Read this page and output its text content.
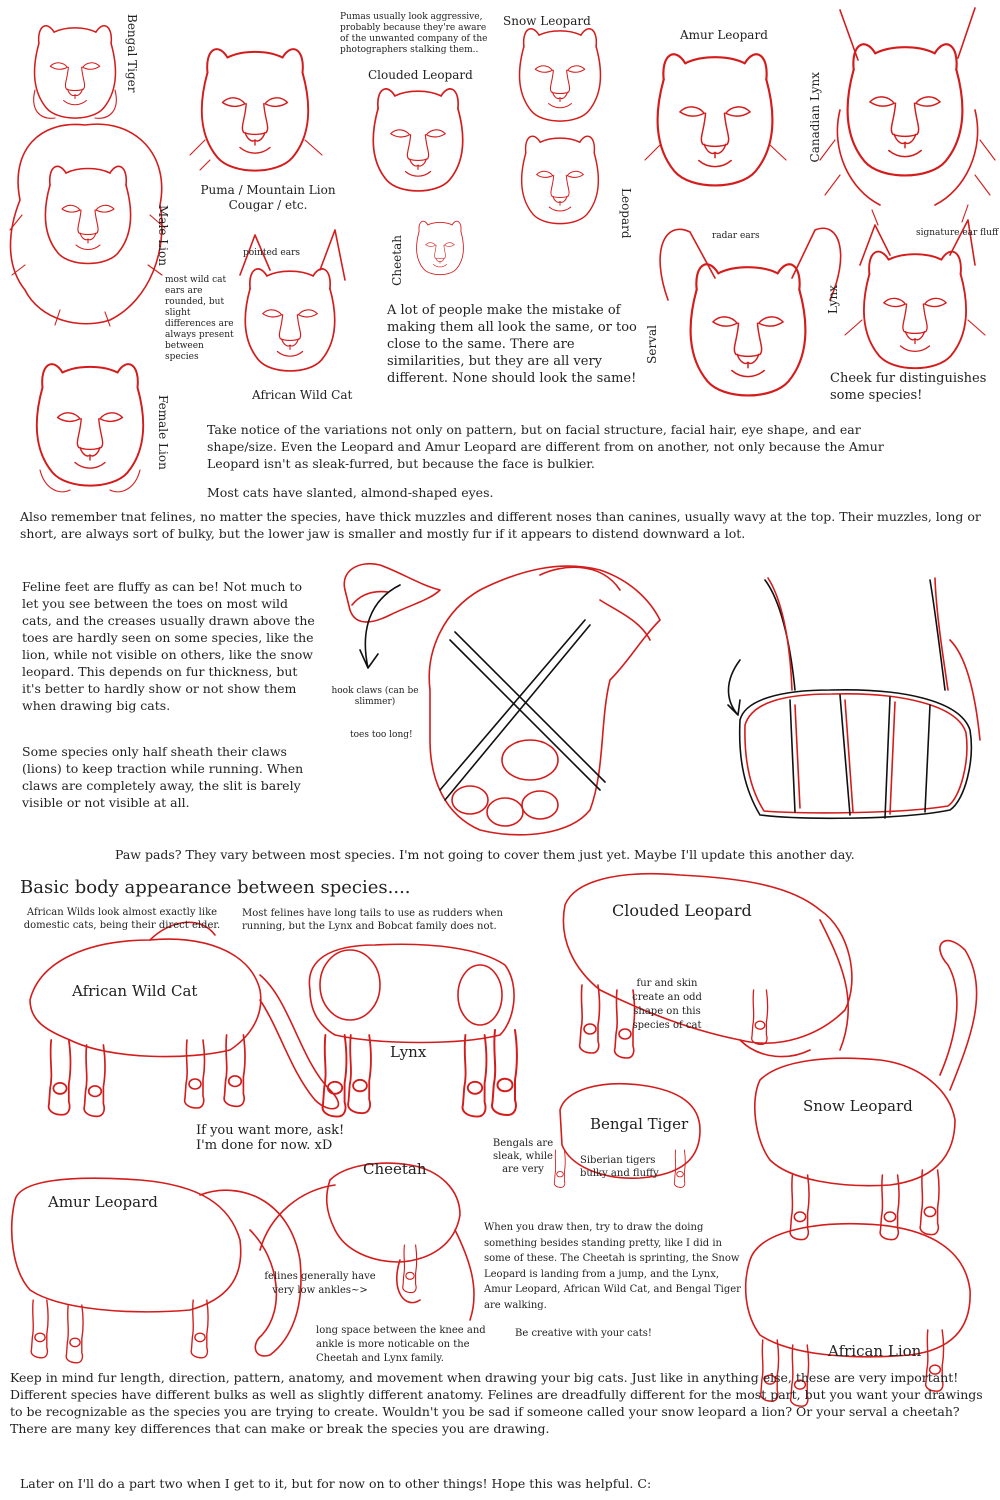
Bengal Tiger
Male Lion
Female Lion
Pumas usually look aggressive, probably because they're aware of the unwanted company of the photographers stalking them..
Puma / Mountain Lion
Cougar / etc.
Clouded Leopard
Snow Leopard
Leopard
Amur Leopard
Canadian Lynx
Cheetah
pointed ears
most wild cat ears are rounded, but slight differences are always present between species
African Wild Cat
A lot of people make the mistake of making them all look the same, or too close to the same. There are similarities, but they are all very different. None should look the same!
radar ears
Serval
signature ear fluff
Lynx
Cheek fur distinguishes some species!
Take notice of the variations not only on pattern, but on facial structure, facial hair, eye shape, and ear shape/size. Even the Leopard and Amur Leopard are different from on another, not only because the Amur Leopard isn't as sleak-furred, but because the face is bulkier.
Most cats have slanted, almond-shaped eyes.
Also remember tnat felines, no matter the species, have thick muzzles and different noses than canines, usually wavy at the top. Their muzzles, long or short, are always sort of bulky, but the lower jaw is smaller and mostly fur if it appears to distend downward a lot.
Feline feet are fluffy as can be! Not much to let you see between the toes on most wild cats, and the creases usually drawn above the toes are hardly seen on some species, like the lion, while not visible on others, like the snow leopard. This depends on fur thickness, but it's better to hardly show or not show them when drawing big cats.
Some species only half sheath their claws (lions) to keep traction while running. When claws are completely away, the slit is barely visible or not visible at all.
hook claws (can be slimmer)
toes too long!
Paw pads? They vary between most species. I'm not going to cover them just yet. Maybe I'll update this another day.
Basic body appearance between species....
African Wilds look almost exactly like domestic cats, being their direct elder.
Most felines have long tails to use as rudders when running, but the Lynx and Bobcat family does not.
Clouded Leopard
fur and skin create an odd shape on this species of cat
African Wild Cat
Lynx
Snow Leopard
Bengal Tiger
Bengals are sleak, while are very
Siberian tigers bulky and fluffy
If you want more, ask!
I'm done for now. xD
Cheetah
Amur Leopard
When you draw then, try to draw the doing something besides standing pretty, like I did in some of these. The Cheetah is sprinting, the Snow Leopard is landing from a jump, and the Lynx, Amur Leopard, African Wild Cat, and Bengal Tiger are walking.
felines generally have very low ankles~>
long space between the knee and ankle is more noticable on the Cheetah and Lynx family.
Be creative with your cats!
African Lion
Keep in mind fur length, direction, pattern, anatomy, and movement when drawing your big cats. Just like in anything else, these are very important! Different species have different bulks as well as slightly different anatomy. Felines are dreadfully different for the most part, but you want your drawings to be recognizable as the species you are trying to create. Wouldn't you be sad if someone called your snow leopard a lion? Or your serval a cheetah? There are many key differences that can make or break the species you are drawing.
Later on I'll do a part two when I get to it, but for now on to other things! Hope this was helpful. C:
